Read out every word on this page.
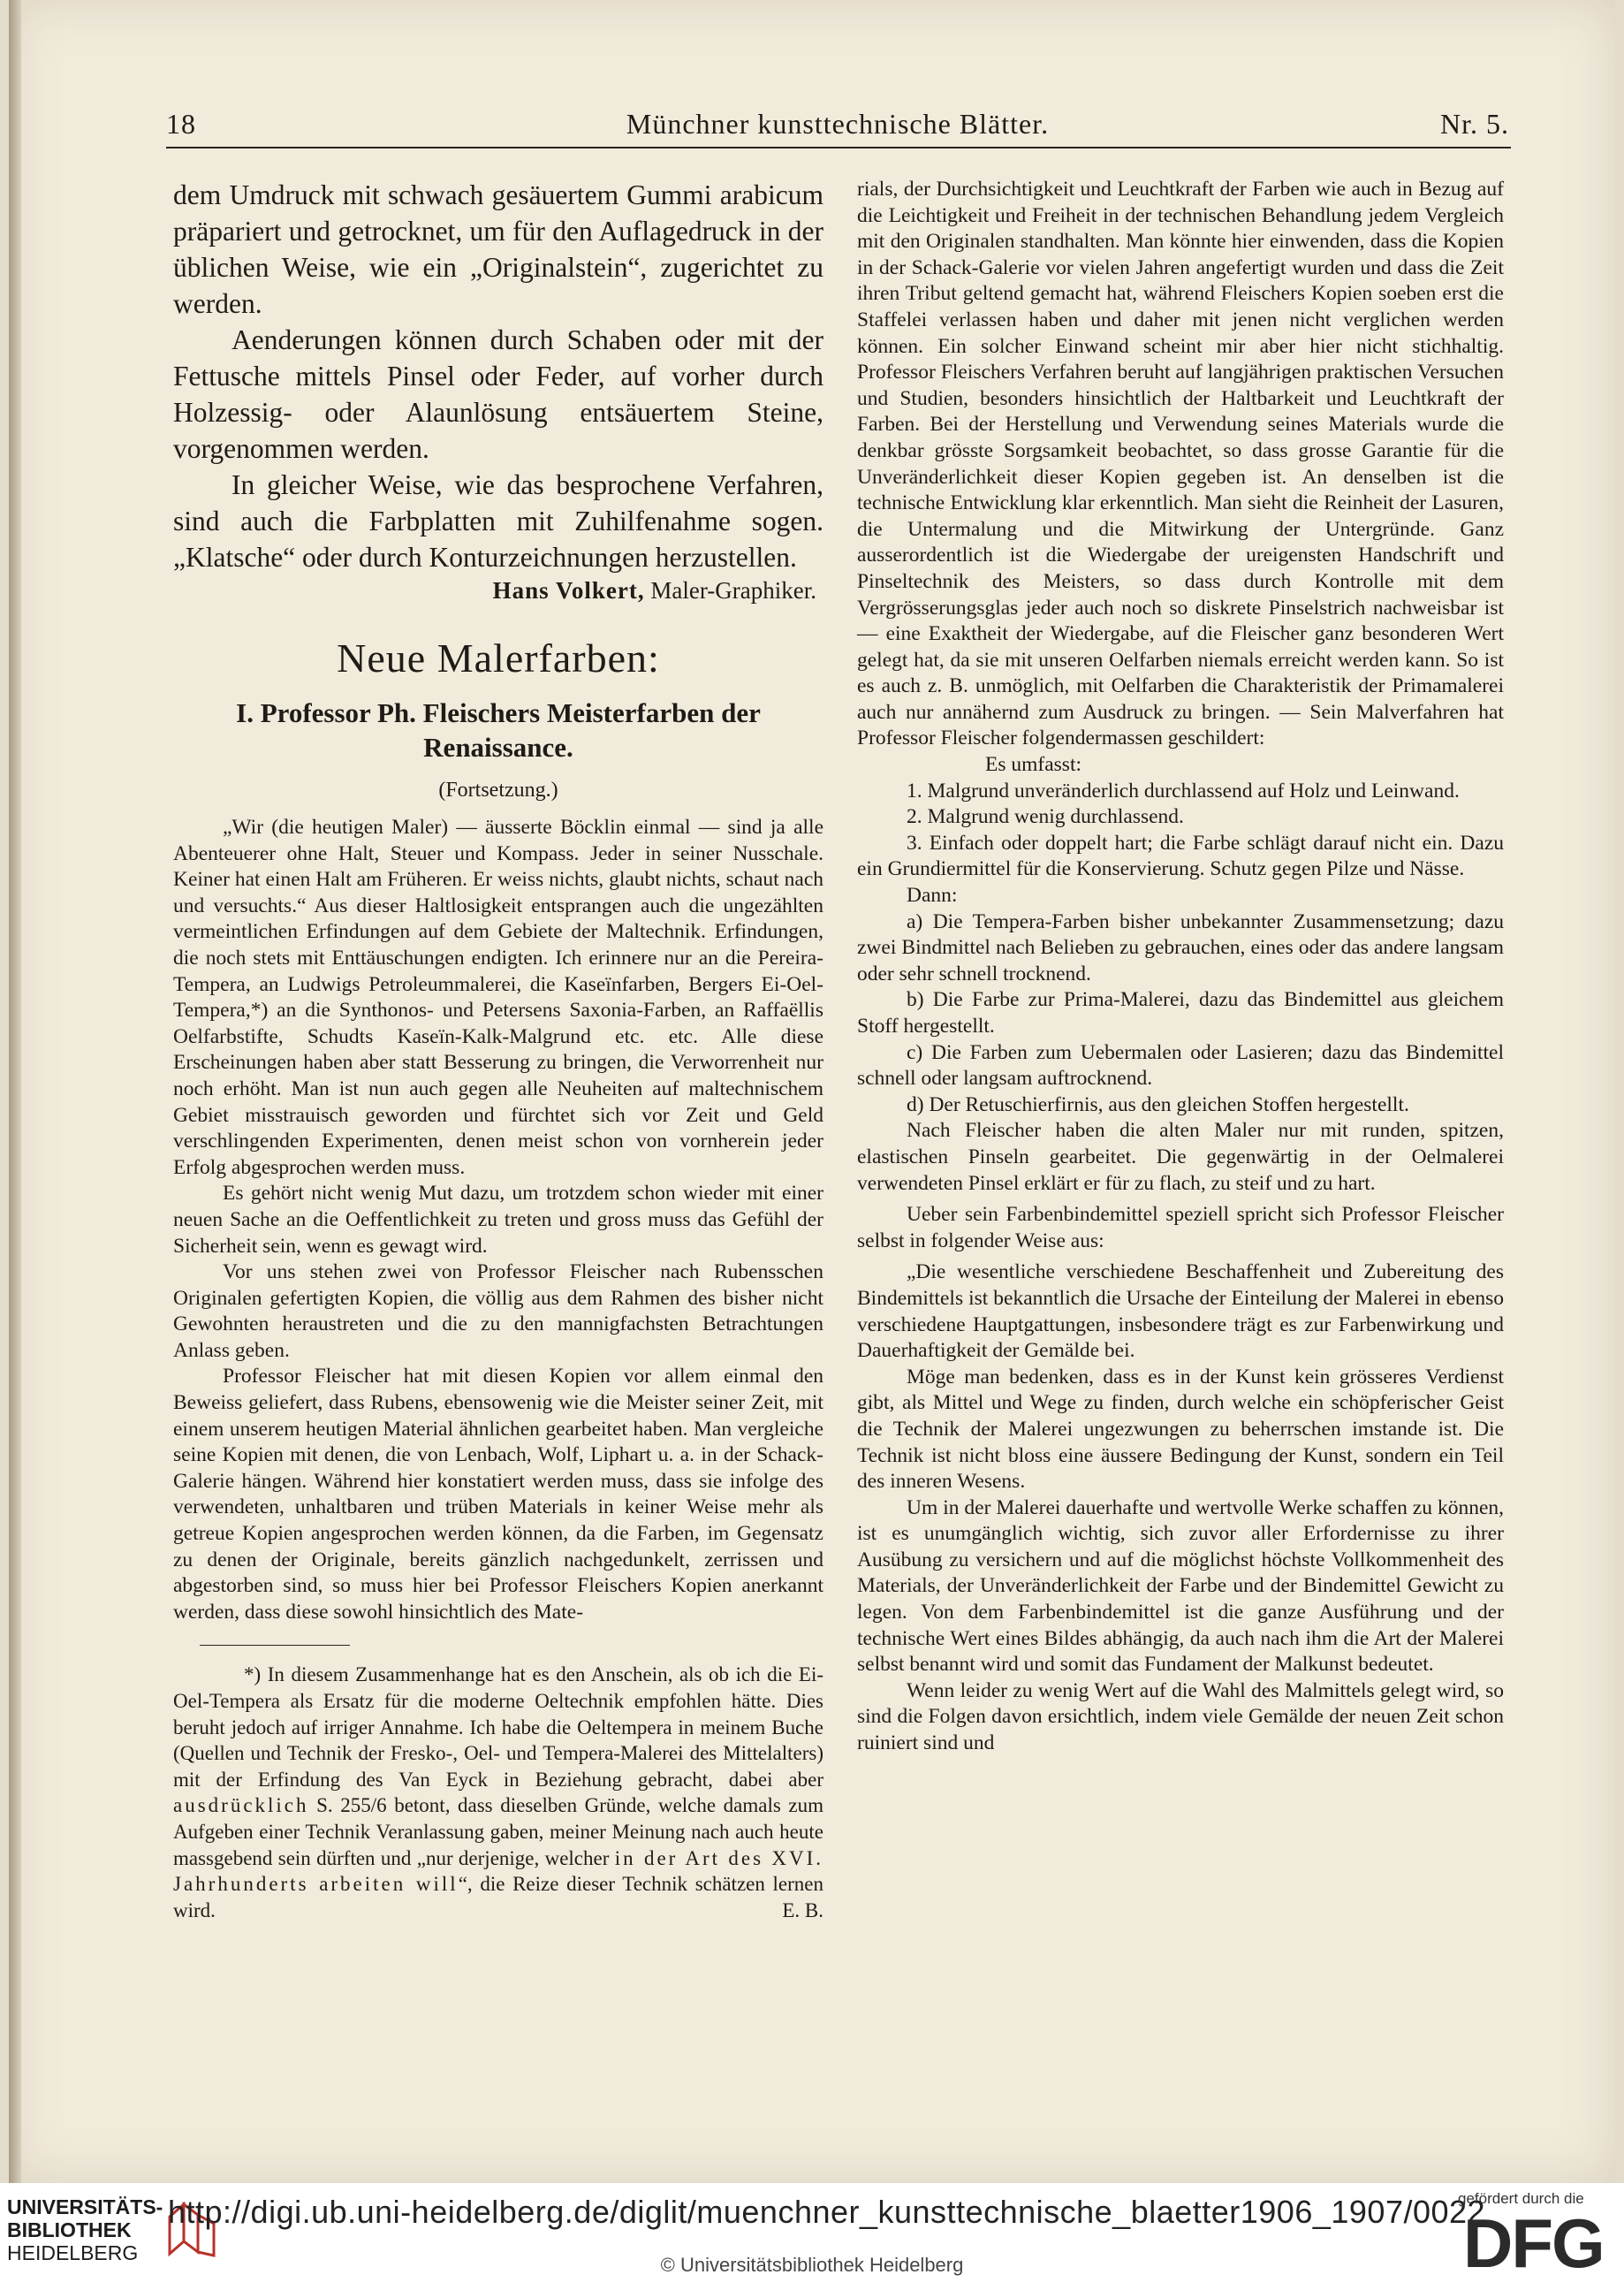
18	Münchner kunsttechnische Blätter.	Nr. 5.

dem Umdruck mit schwach gesäuertem Gummi arabicum präpariert und getrocknet, um für den Auflagedruck in der üblichen Weise, wie ein „Originalstein“, zugerichtet zu werden.

Aenderungen können durch Schaben oder mit der Fettusche mittels Pinsel oder Feder, auf vorher durch Holzessig- oder Alaunlösung entsäuertem Steine, vorgenommen werden.

In gleicher Weise, wie das besprochene Verfahren, sind auch die Farbplatten mit Zuhilfenahme sogen. „Klatsche“ oder durch Konturzeichnungen herzustellen.

Hans Volkert, Maler-Graphiker.
Neue Malerfarben:
I. Professor Ph. Fleischers Meisterfarben der Renaissance.
(Fortsetzung.)

„Wir (die heutigen Maler) — äusserte Böcklin einmal — sind ja alle Abenteuerer ohne Halt, Steuer und Kompass. Jeder in seiner Nusschale. Keiner hat einen Halt am Früheren. Er weiss nichts, glaubt nichts, schaut nach und versuchts.“ Aus dieser Haltlosigkeit entsprangen auch die ungezählten vermeintlichen Erfindungen auf dem Gebiete der Maltechnik. Erfindungen, die noch stets mit Enttäuschungen endigten. Ich erinnere nur an die Pereira-Tempera, an Ludwigs Petroleummalerei, die Kaseïnfarben, Bergers Ei-Oel-Tempera,*) an die Synthonos- und Petersens Saxonia-Farben, an Raffaëllis Oelfarbstifte, Schudts Kaseïn-Kalk-Malgrund etc. etc. Alle diese Erscheinungen haben aber statt Besserung zu bringen, die Verworrenheit nur noch erhöht. Man ist nun auch gegen alle Neuheiten auf maltechnischem Gebiet misstrauisch geworden und fürchtet sich vor Zeit und Geld verschlingenden Experimenten, denen meist schon von vornherein jeder Erfolg abgesprochen werden muss.

Es gehört nicht wenig Mut dazu, um trotzdem schon wieder mit einer neuen Sache an die Oeffentlichkeit zu treten und gross muss das Gefühl der Sicherheit sein, wenn es gewagt wird.

Vor uns stehen zwei von Professor Fleischer nach Rubensschen Originalen gefertigten Kopien, die völlig aus dem Rahmen des bisher nicht Gewohnten heraustreten und die zu den mannigfachsten Betrachtungen Anlass geben.

Professor Fleischer hat mit diesen Kopien vor allem einmal den Beweiss geliefert, dass Rubens, ebensowenig wie die Meister seiner Zeit, mit einem unserem heutigen Material ähnlichen gearbeitet haben. Man vergleiche seine Kopien mit denen, die von Lenbach, Wolf, Liphart u. a. in der Schack-Galerie hängen. Während hier konstatiert werden muss, dass sie infolge des verwendeten, unhaltbaren und trüben Materials in keiner Weise mehr als getreue Kopien angesprochen werden können, da die Farben, im Gegensatz zu denen der Originale, bereits gänzlich nachgedunkelt, zerrissen und abgestorben sind, so muss hier bei Professor Fleischers Kopien anerkannt werden, dass diese sowohl hinsichtlich des Mate-

*) In diesem Zusammenhange hat es den Anschein, als ob ich die Ei-Oel-Tempera als Ersatz für die moderne Oeltechnik empfohlen hätte. Dies beruht jedoch auf irriger Annahme. Ich habe die Oeltempera in meinem Buche (Quellen und Technik der Fresko-, Oel- und Tempera-Malerei des Mittelalters) mit der Erfindung des Van Eyck in Beziehung gebracht, dabei aber ausdrücklich S. 255/6 betont, dass dieselben Gründe, welche damals zum Aufgeben einer Technik Veranlassung gaben, meiner Meinung nach auch heute massgebend sein dürften und „nur derjenige, welcher in der Art des XVI. Jahrhunderts arbeiten will“, die Reize dieser Technik schätzen lernen wird.	E. B.

rials, der Durchsichtigkeit und Leuchtkraft der Farben wie auch in Bezug auf die Leichtigkeit und Freiheit in der technischen Behandlung jedem Vergleich mit den Originalen standhalten. Man könnte hier einwenden, dass die Kopien in der Schack-Galerie vor vielen Jahren angefertigt wurden und dass die Zeit ihren Tribut geltend gemacht hat, während Fleischers Kopien soeben erst die Staffelei verlassen haben und daher mit jenen nicht verglichen werden können. Ein solcher Einwand scheint mir aber hier nicht stichhaltig. Professor Fleischers Verfahren beruht auf langjährigen praktischen Versuchen und Studien, besonders hinsichtlich der Haltbarkeit und Leuchtkraft der Farben. Bei der Herstellung und Verwendung seines Materials wurde die denkbar grösste Sorgsamkeit beobachtet, so dass grosse Garantie für die Unveränderlichkeit dieser Kopien gegeben ist. An denselben ist die technische Entwicklung klar erkenntlich. Man sieht die Reinheit der Lasuren, die Untermalung und die Mitwirkung der Untergründe. Ganz ausserordentlich ist die Wiedergabe der ureigensten Handschrift und Pinseltechnik des Meisters, so dass durch Kontrolle mit dem Vergrösserungsglas jeder auch noch so diskrete Pinselstrich nachweisbar ist — eine Exaktheit der Wiedergabe, auf die Fleischer ganz besonderen Wert gelegt hat, da sie mit unseren Oelfarben niemals erreicht werden kann. So ist es auch z. B. unmöglich, mit Oelfarben die Charakteristik der Primamalerei auch nur annähernd zum Ausdruck zu bringen. — Sein Malverfahren hat Professor Fleischer folgendermassen geschildert:

Es umfasst:

1. Malgrund unveränderlich durchlassend auf Holz und Leinwand.

2. Malgrund wenig durchlassend.

3. Einfach oder doppelt hart; die Farbe schlägt darauf nicht ein. Dazu ein Grundiermittel für die Konservierung. Schutz gegen Pilze und Nässe.

Dann:

a) Die Tempera-Farben bisher unbekannter Zusammensetzung; dazu zwei Bindmittel nach Belieben zu gebrauchen, eines oder das andere langsam oder sehr schnell trocknend.

b) Die Farbe zur Prima-Malerei, dazu das Bindemittel aus gleichem Stoff hergestellt.

c) Die Farben zum Uebermalen oder Lasieren; dazu das Bindemittel schnell oder langsam auftrocknend.

d) Der Retuschierfirnis, aus den gleichen Stoffen hergestellt.

Nach Fleischer haben die alten Maler nur mit runden, spitzen, elastischen Pinseln gearbeitet. Die gegenwärtig in der Oelmalerei verwendeten Pinsel erklärt er für zu flach, zu steif und zu hart.

Ueber sein Farbenbindemittel speziell spricht sich Professor Fleischer selbst in folgender Weise aus:

„Die wesentliche verschiedene Beschaffenheit und Zubereitung des Bindemittels ist bekanntlich die Ursache der Einteilung der Malerei in ebenso verschiedene Hauptgattungen, insbesondere trägt es zur Farbenwirkung und Dauerhaftigkeit der Gemälde bei.

Möge man bedenken, dass es in der Kunst kein grösseres Verdienst gibt, als Mittel und Wege zu finden, durch welche ein schöpferischer Geist die Technik der Malerei ungezwungen zu beherrschen imstande ist. Die Technik ist nicht bloss eine äussere Bedingung der Kunst, sondern ein Teil des inneren Wesens.

Um in der Malerei dauerhafte und wertvolle Werke schaffen zu können, ist es unumgänglich wichtig, sich zuvor aller Erfordernisse zu ihrer Ausübung zu versichern und auf die möglichst höchste Vollkommenheit des Materials, der Unveränderlichkeit der Farbe und der Bindemittel Gewicht zu legen. Von dem Farbenbindemittel ist die ganze Ausführung und der technische Wert eines Bildes abhängig, da auch nach ihm die Art der Malerei selbst benannt wird und somit das Fundament der Malkunst bedeutet.

Wenn leider zu wenig Wert auf die Wahl des Malmittels gelegt wird, so sind die Folgen davon ersichtlich, indem viele Gemälde der neuen Zeit schon ruiniert sind und

UNIVERSITÄTS-
BIBLIOTHEK
HEIDELBERG
http://digi.ub.uni-heidelberg.de/diglit/muenchner_kunsttechnische_blaetter1906_1907/0022
© Universitätsbibliothek Heidelberg
gefördert durch die
DFG
